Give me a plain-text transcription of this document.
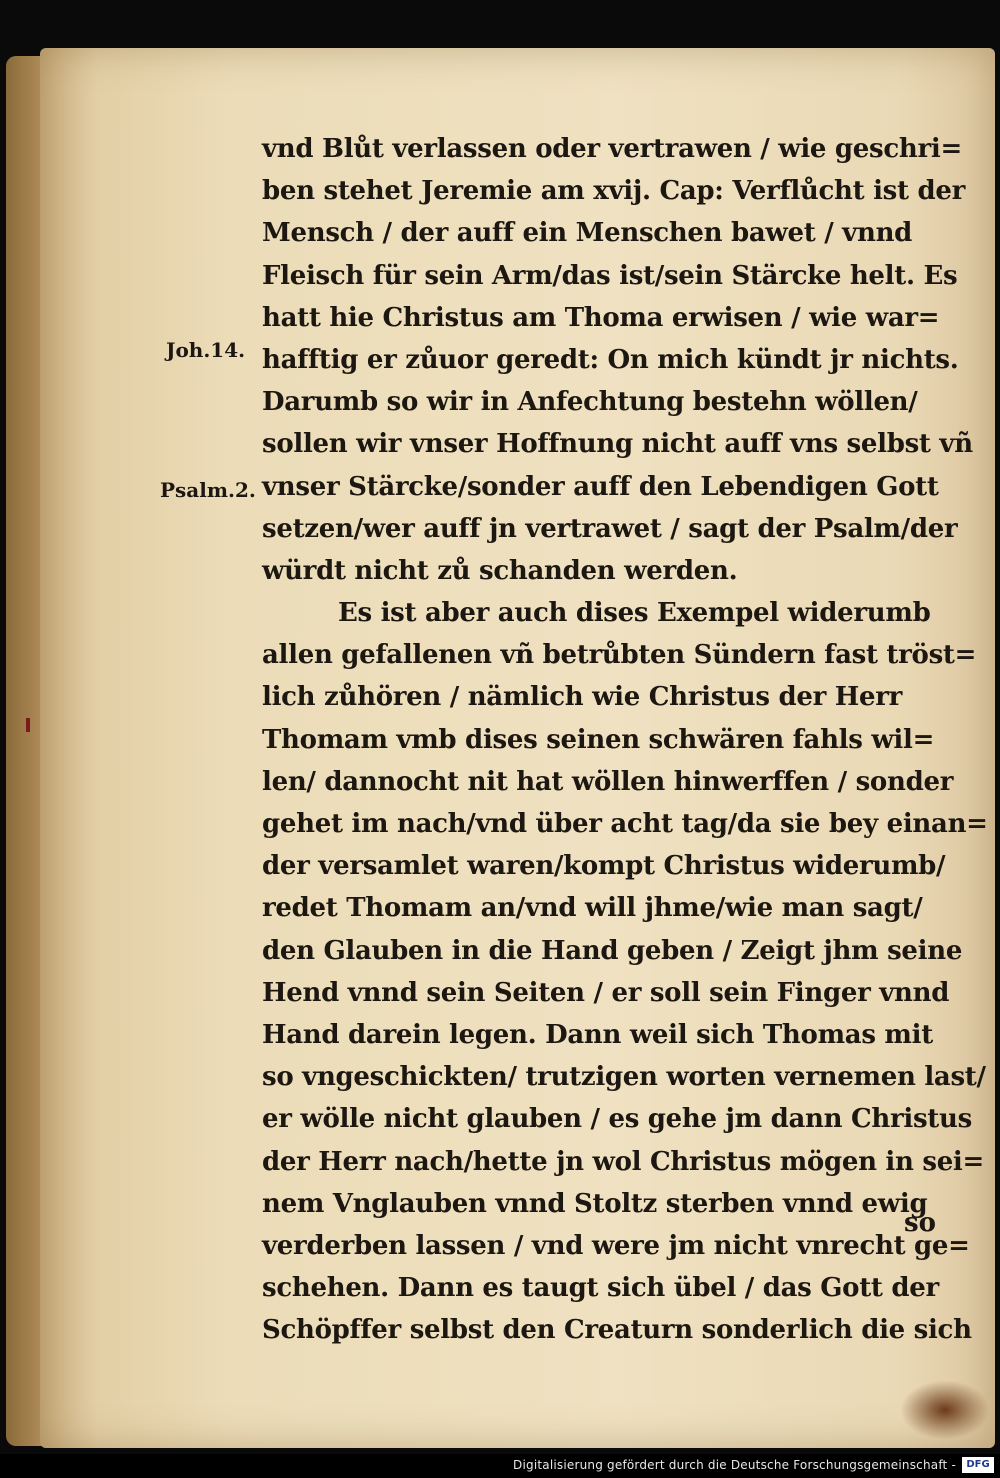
Joh.14.
Psalm.2.
vnd Blůt verlassen oder vertrawen / wie geschri=
ben stehet Jeremie am xvij. Cap: Verflůcht ist der
Mensch / der auff ein Menschen bawet / vnnd
Fleisch für sein Arm/das ist/sein Stärcke helt. Es
hatt hie Christus am Thoma erwisen / wie war=
hafftig er zůuor geredt: On mich kündt jr nichts.
Darumb so wir in Anfechtung bestehn wöllen/
sollen wir vnser Hoffnung nicht auff vns selbst vñ
vnser Stärcke/sonder auff den Lebendigen Gott
setzen/wer auff jn vertrawet / sagt der Psalm/der
würdt nicht zů schanden werden.
Es ist aber auch dises Exempel widerumb
allen gefallenen vñ betrůbten Sündern fast tröst=
lich zůhören / nämlich wie Christus der Herr
Thomam vmb dises seinen schwären fahls wil=
len/ dannocht nit hat wöllen hinwerffen / sonder
gehet im nach/vnd über acht tag/da sie bey einan=
der versamlet waren/kompt Christus widerumb/
redet Thomam an/vnd will jhme/wie man sagt/
den Glauben in die Hand geben / Zeigt jhm seine
Hend vnnd sein Seiten / er soll sein Finger vnnd
Hand darein legen. Dann weil sich Thomas mit
so vngeschickten/ trutzigen worten vernemen last/
er wölle nicht glauben / es gehe jm dann Christus
der Herr nach/hette jn wol Christus mögen in sei=
nem Vnglauben vnnd Stoltz sterben vnnd ewig
verderben lassen / vnd were jm nicht vnrecht ge=
schehen. Dann es taugt sich übel / das Gott der
Schöpffer selbst den Creaturn sonderlich die sich
so
Digitalisierung gefördert durch die Deutsche Forschungsgemeinschaft -	DFG
